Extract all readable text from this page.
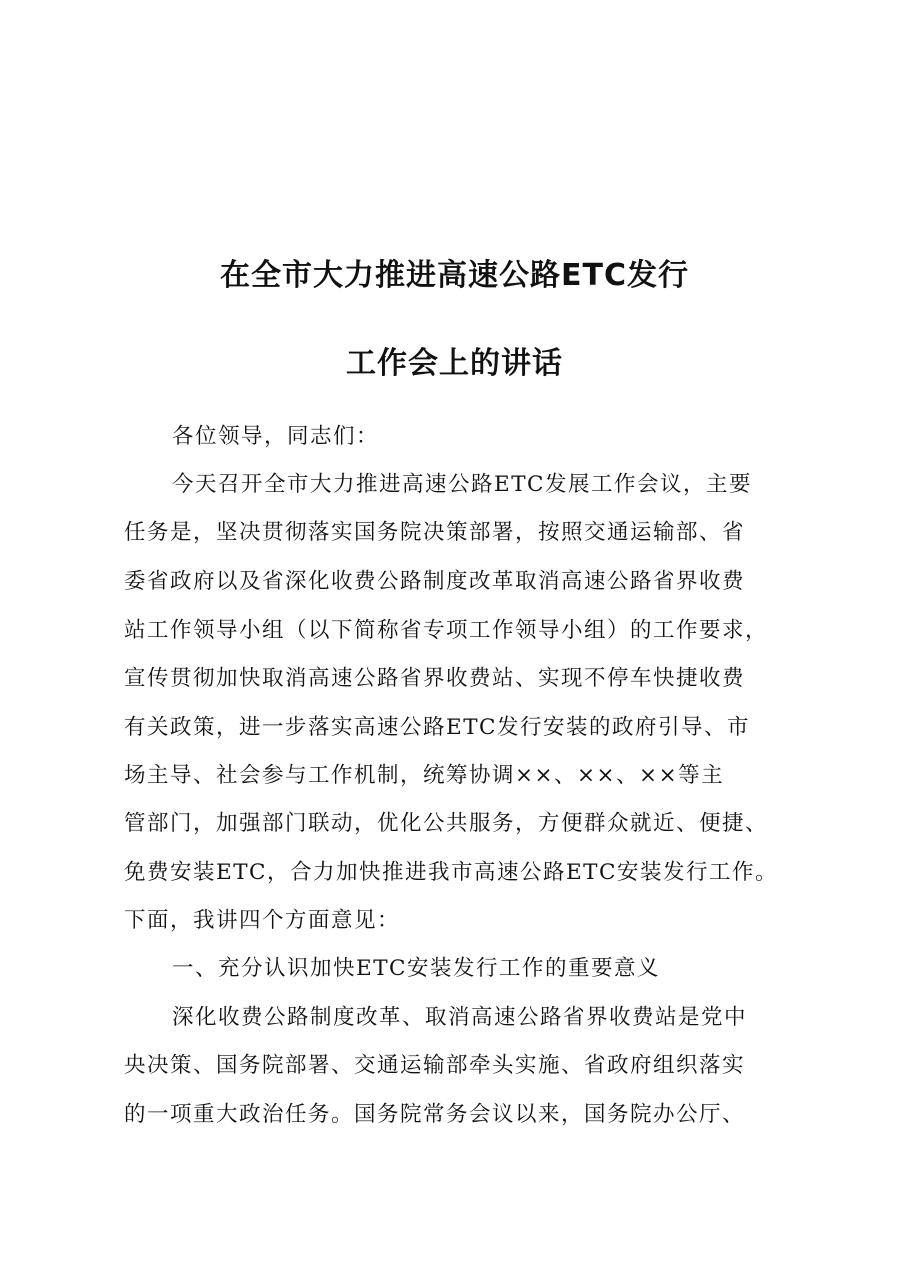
在全市大力推进高速公路ETC发行
工作会上的讲话
各位领导，同志们：
今天召开全市大力推进高速公路ETC发展工作会议，主要
任务是，坚决贯彻落实国务院决策部署，按照交通运输部、省
委省政府以及省深化收费公路制度改革取消高速公路省界收费
站工作领导小组（以下简称省专项工作领导小组）的工作要求，
宣传贯彻加快取消高速公路省界收费站、实现不停车快捷收费
有关政策，进一步落实高速公路ETC发行安装的政府引导、市
场主导、社会参与工作机制，统筹协调××、××、××等主
管部门，加强部门联动，优化公共服务，方便群众就近、便捷、
免费安装ETC，合力加快推进我市高速公路ETC安装发行工作。
下面，我讲四个方面意见：
一、充分认识加快ETC安装发行工作的重要意义
深化收费公路制度改革、取消高速公路省界收费站是党中
央决策、国务院部署、交通运输部牵头实施、省政府组织落实
的一项重大政治任务。国务院常务会议以来，国务院办公厅、
